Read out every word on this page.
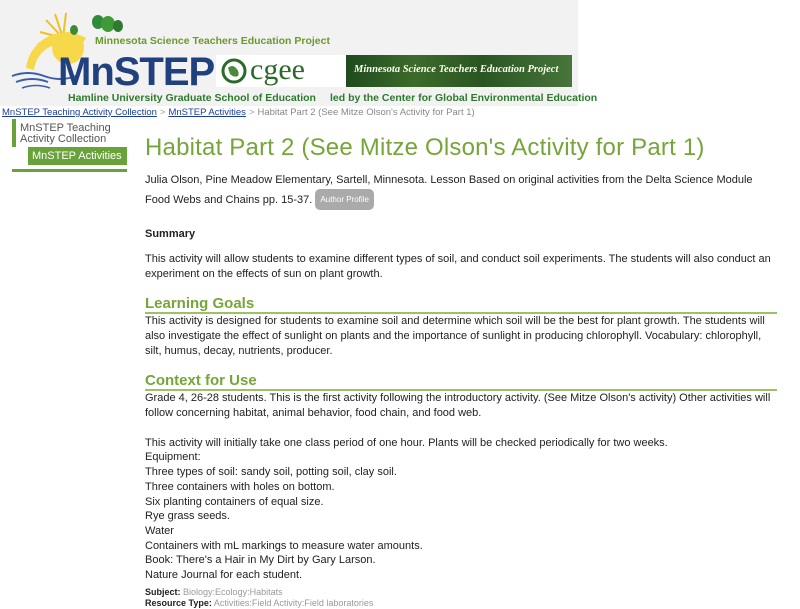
Minnesota Science Teachers Education Project
MnSTEP
Hamline University Graduate School of Education
cgee	Minnesota Science Teachers Education Project
led by the Center for Global Environmental Education
MnSTEP Teaching Activity Collection > MnSTEP Activities > Habitat Part 2 (See Mitze Olson's Activity for Part 1)
MnSTEP Teaching Activity Collection
MnSTEP Activities Habitat Part 2 (See Mitze Olson's Activity for Part 1)
Julia Olson, Pine Meadow Elementary, Sartell, Minnesota. Lesson Based on original activities from the Delta Science Module Food Webs and Chains pp. 15-37. Author Profile
Summary

This activity will allow students to examine different types of soil, and conduct soil experiments. The students will also conduct an experiment on the effects of sun on plant growth.

Learning Goals

This activity is designed for students to examine soil and determine which soil will be the best for plant growth. The students will also investigate the effect of sunlight on plants and the importance of sunlight in producing chlorophyll. Vocabulary: chlorophyll, silt, humus, decay, nutrients, producer.

Context for Use

Grade 4, 26-28 students. This is the first activity following the introductory activity. (See Mitze Olson's activity) Other activities will follow concerning habitat, animal behavior, food chain, and food web.

This activity will initially take one class period of one hour. Plants will be checked periodically for two weeks.
Equipment:
Three types of soil: sandy soil, potting soil, clay soil.
Three containers with holes on bottom.
Six planting containers of equal size.
Rye grass seeds.
Water
Containers with mL markings to measure water amounts.
Book: There's a Hair in My Dirt by Gary Larson.
Nature Journal for each student.
Subject: Biology:Ecology:Habitats
Resource Type: Activities:Field Activity:Field laboratories
